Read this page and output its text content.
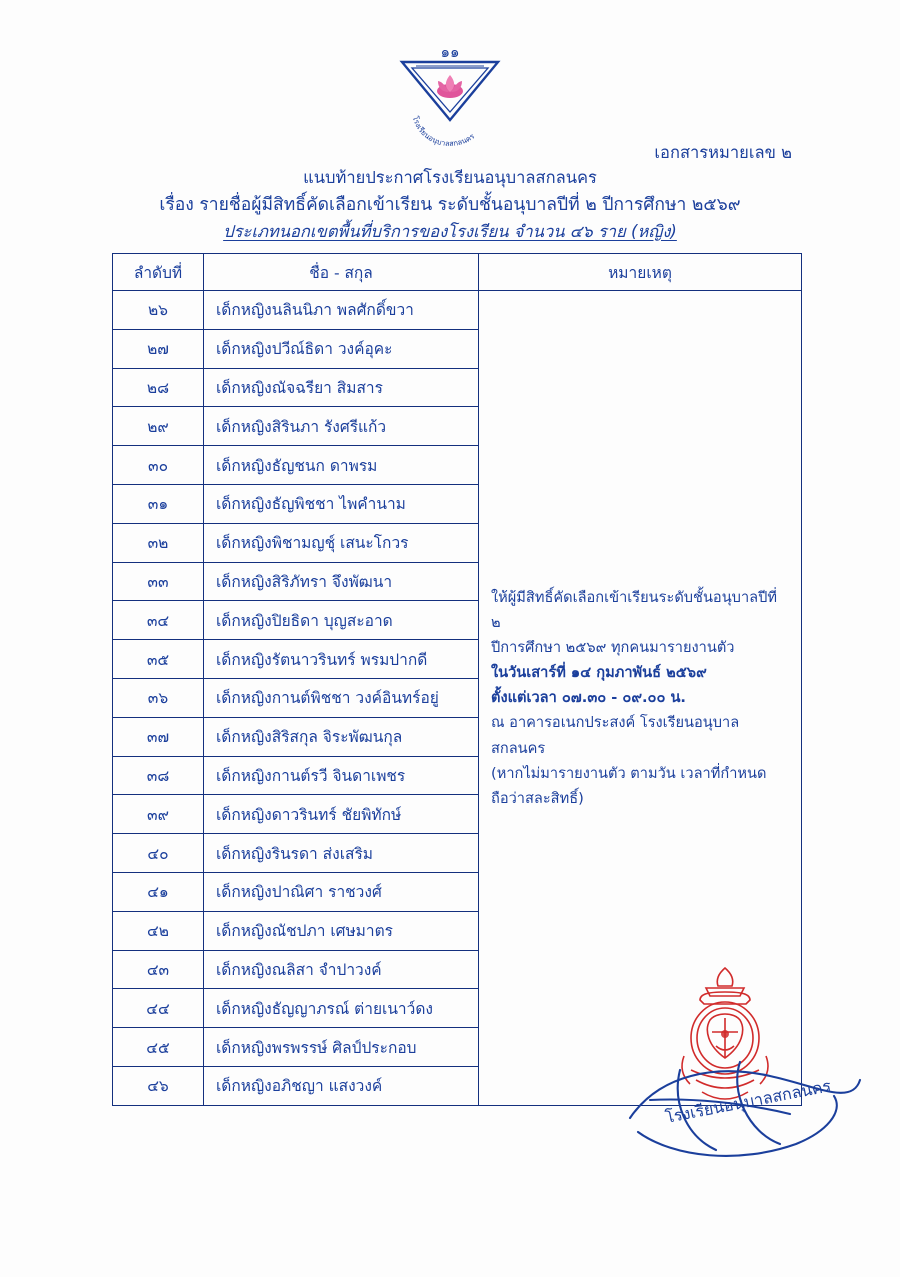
๑๑
โรงเรียนอนุบาลสกลนคร
เอกสารหมายเลข ๒
แนบท้ายประกาศโรงเรียนอนุบาลสกลนคร
เรื่อง รายชื่อผู้มีสิทธิ์คัดเลือกเข้าเรียน ระดับชั้นอนุบาลปีที่ ๒ ปีการศึกษา ๒๕๖๙
ประเภทนอกเขตพื้นที่บริการของโรงเรียน จำนวน ๔๖ ราย (หญิง)
ลำดับที่	ชื่อ - สกุล	หมายเหตุ
๒๖	เด็กหญิงนลินนิภา พลศักดิ์ขวา	
ให้ผู้มีสิทธิ์คัดเลือกเข้าเรียนระดับชั้นอนุบาลปีที่ ๒
ปีการศึกษา ๒๕๖๙ ทุกคนมารายงานตัว
ในวันเสาร์ที่ ๑๔ กุมภาพันธ์ ๒๕๖๙
ตั้งแต่เวลา ๐๗.๓๐ - ๐๙.๐๐ น.
ณ อาคารอเนกประสงค์ โรงเรียนอนุบาลสกลนคร
(หากไม่มารายงานตัว ตามวัน เวลาที่กำหนด
ถือว่าสละสิทธิ์)

๒๗	เด็กหญิงปวีณ์ธิดา วงค์อุคะ	
๒๘	เด็กหญิงณัจฉรียา สิมสาร	
๒๙	เด็กหญิงสิรินภา รังศรีแก้ว	
๓๐	เด็กหญิงธัญชนก ดาพรม	
๓๑	เด็กหญิงธัญพิชชา ไพคำนาม	
๓๒	เด็กหญิงพิชามญชุ์ เสนะโกวร	
๓๓	เด็กหญิงสิริภัทรา จึงพัฒนา	
๓๔	เด็กหญิงปิยธิดา บุญสะอาด	
๓๕	เด็กหญิงรัตนาวรินทร์ พรมปากดี	
๓๖	เด็กหญิงกานต์พิชชา วงค์อินทร์อยู่	
๓๗	เด็กหญิงสิริสกุล จิระพัฒนกุล	
๓๘	เด็กหญิงกานต์รวี จินดาเพชร	
๓๙	เด็กหญิงดาวรินทร์ ชัยพิทักษ์	
๔๐	เด็กหญิงรินรดา ส่งเสริม	
๔๑	เด็กหญิงปาณิศา ราชวงศ์	
๔๒	เด็กหญิงณัชปภา เศษมาตร	
๔๓	เด็กหญิงณลิสา จำปาวงค์	
๔๔	เด็กหญิงธัญญาภรณ์ ต่ายเนาว์ดง	
๔๕	เด็กหญิงพรพรรษ์ ศิลป์ประกอบ	
๔๖	เด็กหญิงอภิชญา แสงวงค์		โรงเรียนอนุบาลสกลนคร
